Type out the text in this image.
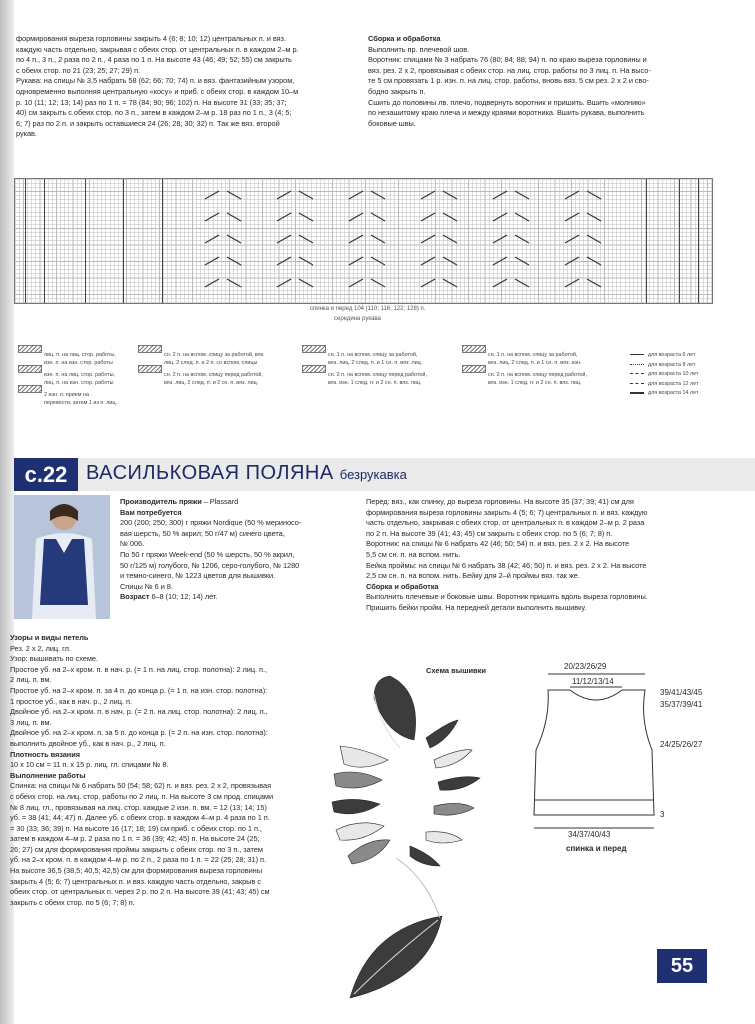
формирования выреза горловины закрыть 4 (6; 8; 10; 12) центральных п. и вяз.

каждую часть отдельно, закрывая с обеих стор. от центральных п. в каждом 2–м р.

по 4 п., 3 п., 2 раза по 2 п., 4 раза по 1 п. На высоте 43 (46; 49; 52; 55) см закрыть

с обеих стор. по 21 (23; 25; 27; 29) п.

Рукава: на спицы № 3,5 набрать 58 (62; 66; 70; 74) п. и вяз. фантазийным узором,

одновременно выполняя центральную «косу» и приб. с обеих стор. в каждом 10–м

р. 10 (11; 12; 13; 14) раз по 1 п. = 78 (84; 90; 96; 102) п. На высоте 31 (33; 35; 37;

40) см закрыть с обеих стор. по 3 п., затем в каждом 2–м р. 18 раз по 1 п., 3 (4; 5;

6; 7) раз по 2 п. и закрыть оставшиеся 24 (26; 28; 30; 32) п. Так же вяз. второй

рукав.

Сборка и обработка

Выполнить пр. плечевой шов.

Воротник: спицами № 3 набрать 76 (80; 84; 88; 94) п. по краю выреза горловины и

вяз. рез. 2 х 2, провязывая с обеих стор. на лиц. стор. работы по 3 лиц. п. На высо-

те 5 см провязать 1 р. изн. п. на лиц. стор. работы, вновь вяз. 5 см рез. 2 х 2 и сво-

бодно закрыть п.

Сшить до половины лв. плечо, подвернуть воротник и пришить. Вшить «молнию»

по незашитому краю плеча и между краями воротника. Вшить рукава, выполнить

боковые швы.

спинка и перед 104 (110; 116; 122; 128) п.
середина рукава
лиц. п. на лиц. стор. работы,
изн. п. на изн. стор. работы
изн. п. на лиц. стор. работы,
лиц. п. на изн. стор. работы
2 изн. п. прием на
перевести, затем 1 из п. лиц.
сн. 2 п. на вспом. спицу за работой, вяз.
лиц. 2 след. п. и 2 п. со вспом. спицы
сн. 2 п. на вспом. спицу перед работой,
вяз. лиц. 2 след. п. и 2 сн. п. вяз. лиц.
сн. 1 п. на вспом. спицу за работой,
вяз. лиц. 2 след. п. и 1 сн. п. вяз. лиц.
сн. 2 п. на вспом. спицу перед работой,
вяз. изн. 1 след. п. и 2 сн. п. вяз. лиц.
сн. 1 п. на вспом. спицу за работой,
вяз. лиц. 2 след. п. и 1 сн. п. вяз. изн.
сн. 2 п. на вспом. спицу перед работой,
вяз. изн. 1 след. п. и 2 сн. п. вяз. лиц.
для возраста 6 лет
для возраста 8 лет
для возраста 10 лет
для возраста 12 лет
для возраста 14 лет
с.22 ВАСИЛЬКОВАЯ ПОЛЯНА безрукавка

Производитель пряжи – Plassard

Вам потребуется

200 (200; 250; 300) г пряжи Nordique (50 % мериносо-

вая шерсть, 50 % акрил; 50 г/47 м) синего цвета,

№ 006.

По 50 г пряжи Week-end (50 % шерсть, 50 % акрил,

50 г/125 м) голубого, № 1206, серо-голубого, № 1280

и темно-синего, № 1223 цветов для вышивки.

Спицы № 6 и 8.

Возраст 6–8 (10; 12; 14) лет.

Узоры и виды петель

Рез. 2 х 2, лиц. гл.

Узор: вышивать по схеме.

Простое уб. на 2–х кром. п. в нач. р. (= 1 п. на лиц. стор. полотна): 2 лиц. п.,

2 лиц. п. вм.

Простое уб. на 2–х кром. п. за 4 п. до конца р. (= 1 п. на изн. стор. полотна):

1 простое уб., как в нач. р., 2 лиц. п.

Двойное уб. на 2–х кром. п. в нач. р. (= 2 п. на лиц. стор. полотна): 2 лиц. п.,

3 лиц. п. вм.

Двойное уб. на 2–х кром. п. за 5 п. до конца р. (= 2 п. на изн. стор. полотна):

выполнить двойное уб., как в нач. р., 2 лиц. п.

Плотность вязания

10 х 10 см = 11 п. х 15 р. лиц. гл. спицами № 8.

Выполнение работы

Спинка: на спицы № 6 набрать 50 (54; 58; 62) п. и вяз. рез. 2 х 2, провязывая

с обеих стор. на лиц. стор. работы по 2 лиц. п. На высоте 3 см прод. спицами

№ 8 лиц. гл., провязывая на лиц. стор. каждые 2 изн. п. вм. = 12 (13; 14; 15)

уб. = 38 (41; 44; 47) п. Далее уб. с обеих стор. в каждом 4–м р. 4 раза по 1 п.

= 30 (33; 36; 39) п. На высоте 16 (17; 18; 19) см приб. с обеих стор. по 1 п.,

затем в каждом 4–м р. 2 раза по 1 п. = 36 (39; 42; 45) п. На высоте 24 (25;

26; 27) см для формирования проймы закрыть с обеих стор. по 3 п., затем

уб. на 2–х кром. п. в каждом 4–м р. по 2 п., 2 раза по 1 п. = 22 (25; 28; 31) п.

На высоте 36,5 (38,5; 40,5; 42,5) см для формирования выреза горловины

закрыть 4 (5; 6; 7) центральных п. и вяз. каждую часть отдельно, закрыв с

обеих стор. от центральных п. через 2 р. по 2 п. На высоте 39 (41; 43; 45) см

закрыть с обеих стор. по 5 (6; 7; 8) п.

Перед: вяз., как спинку, до выреза горловины. На высоте 35 (37; 39; 41) см для

формирования выреза горловины закрыть 4 (5; 6; 7) центральных п. и вяз. каждую

часть отдельно, закрывая с обеих стор. от центральных п. в каждом 2–м р. 2 раза

по 2 п. На высоте 39 (41; 43; 45) см закрыть с обеих стор. по 5 (6; 7; 8) п.

Воротник: на спицы № 6 набрать 42 (46; 50; 54) п. и вяз. рез. 2 х 2. На высоте

5,5 см сн. п. на вспом. нить.

Бейка проймы: на спицы № 6 набрать 38 (42; 46; 50) п. и вяз. рез. 2 х 2. На высоте

2,5 см сн. п. на вспом. нить. Бейку для 2–й проймы вяз. так же.

Сборка и обработка

Выполнить плечевые и боковые швы. Воротник пришить вдоль выреза горловины.

Пришить бейки пройм. На передней детали выполнить вышивку.

Схема вышивки	20/23/26/29
11/12/13/14
39/41/43/45
35/37/39/41
24/25/26/27
3
34/37/40/43
спинка и перед
55
